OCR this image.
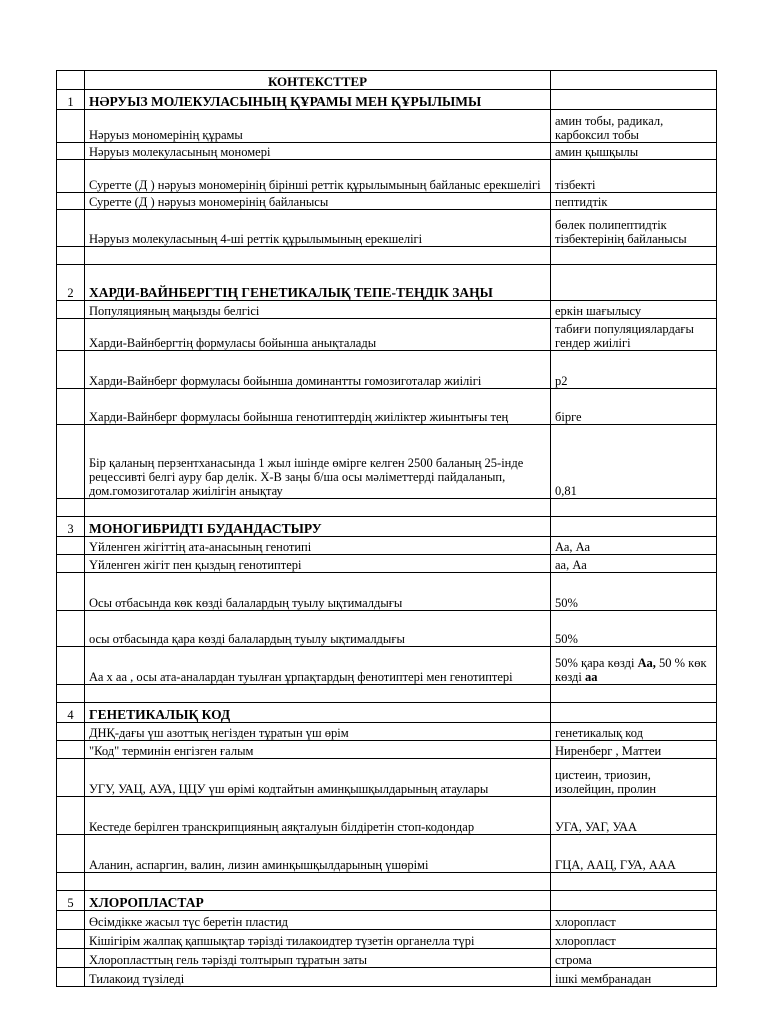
	КОНТЕКСТТЕР	
1	НӘРУЫЗ МОЛЕКУЛАСЫНЫҢ ҚҰРАМЫ МЕН ҚҰРЫЛЫМЫ	
	Нәруыз мономерінің құрамы	амин тобы, радикал, карбоксил тобы
	Нәруыз молекуласының мономері	амин қышқылы
	Суретте (Д ) нәруыз мономерінің бірінші реттік құрылымының байланыс ерекшелігі	тізбекті
	Суретте (Д ) нәруыз мономерінің байланысы	пептидтік
	Нәруыз молекуласының 4-ші реттік құрылымының ерекшелігі	бөлек полипептидтік тізбектерінің байланысы

2	ХАРДИ-ВАЙНБЕРГТІҢ ГЕНЕТИКАЛЫҚ ТЕПЕ-ТЕҢДІК ЗАҢЫ	
	Популяцияның маңызды белгісі	еркін шағылысу
	Харди-Вайнбергтің формуласы бойынша анықталады	табиғи популяциялардағы гендер жиілігі
	Харди-Вайнберг формуласы бойынша доминантты гомозиготалар жиілігі	p2
	Харди-Вайнберг формуласы бойынша генотиптердің жиіліктер жиынтығы тең	бірге
	Бір қаланың перзентханасында 1 жыл ішінде өмірге келген 2500 баланың 25-інде рецессивті белгі ауру бар делік. Х-В заңы б/ша осы мәліметтерді пайдаланып, дом.гомозиготалар жиілігін анықтау	0,81

3	МОНОГИБРИДТІ БУДАНДАСТЫРУ	
	Үйленген жігіттің ата-анасының генотипі	Аа, Аа
	Үйленген жігіт пен қыздың генотиптері	аа, Аа
	Осы отбасында көк көзді балалардың туылу ықтималдығы	50%
	осы отбасында қара көзді балалардың туылу ықтималдығы	50%
	Аа х аа , осы ата-аналардан туылған ұрпақтардың фенотиптері мен генотиптері	50% қара көзді Аа, 50 % көк көзді аа

4	ГЕНЕТИКАЛЫҚ КОД	
	ДНҚ-дағы үш азоттық негізден тұратын үш өрім	генетикалық код
	"Код" терминін енгізген ғалым	Ниренберг , Маттеи
	УГУ, УАЦ, АУА, ЦЦУ үш өрімі кодтайтын аминқышқылдарының атаулары	цистеин, триозин, изолейцин, пролин
	Кестеде берілген транскрипцияның аяқталуын білдіретін стоп-кодондар	УГА, УАГ, УАА
	Аланин, аспаргин, валин, лизин аминқышқылдарының үшөрімі	ГЦА, ААЦ, ГУА, ААА

5	ХЛОРОПЛАСТАР	
	Өсімдікке жасыл түс беретін пластид	хлоропласт
	Кішігірім жалпақ қапшықтар тәрізді тилакоидтер түзетін органелла түрі	хлоропласт
	Хлоропласттың гель тәрізді толтырып тұратын заты	строма
	Тилакоид түзіледі	ішкі мембранадан
